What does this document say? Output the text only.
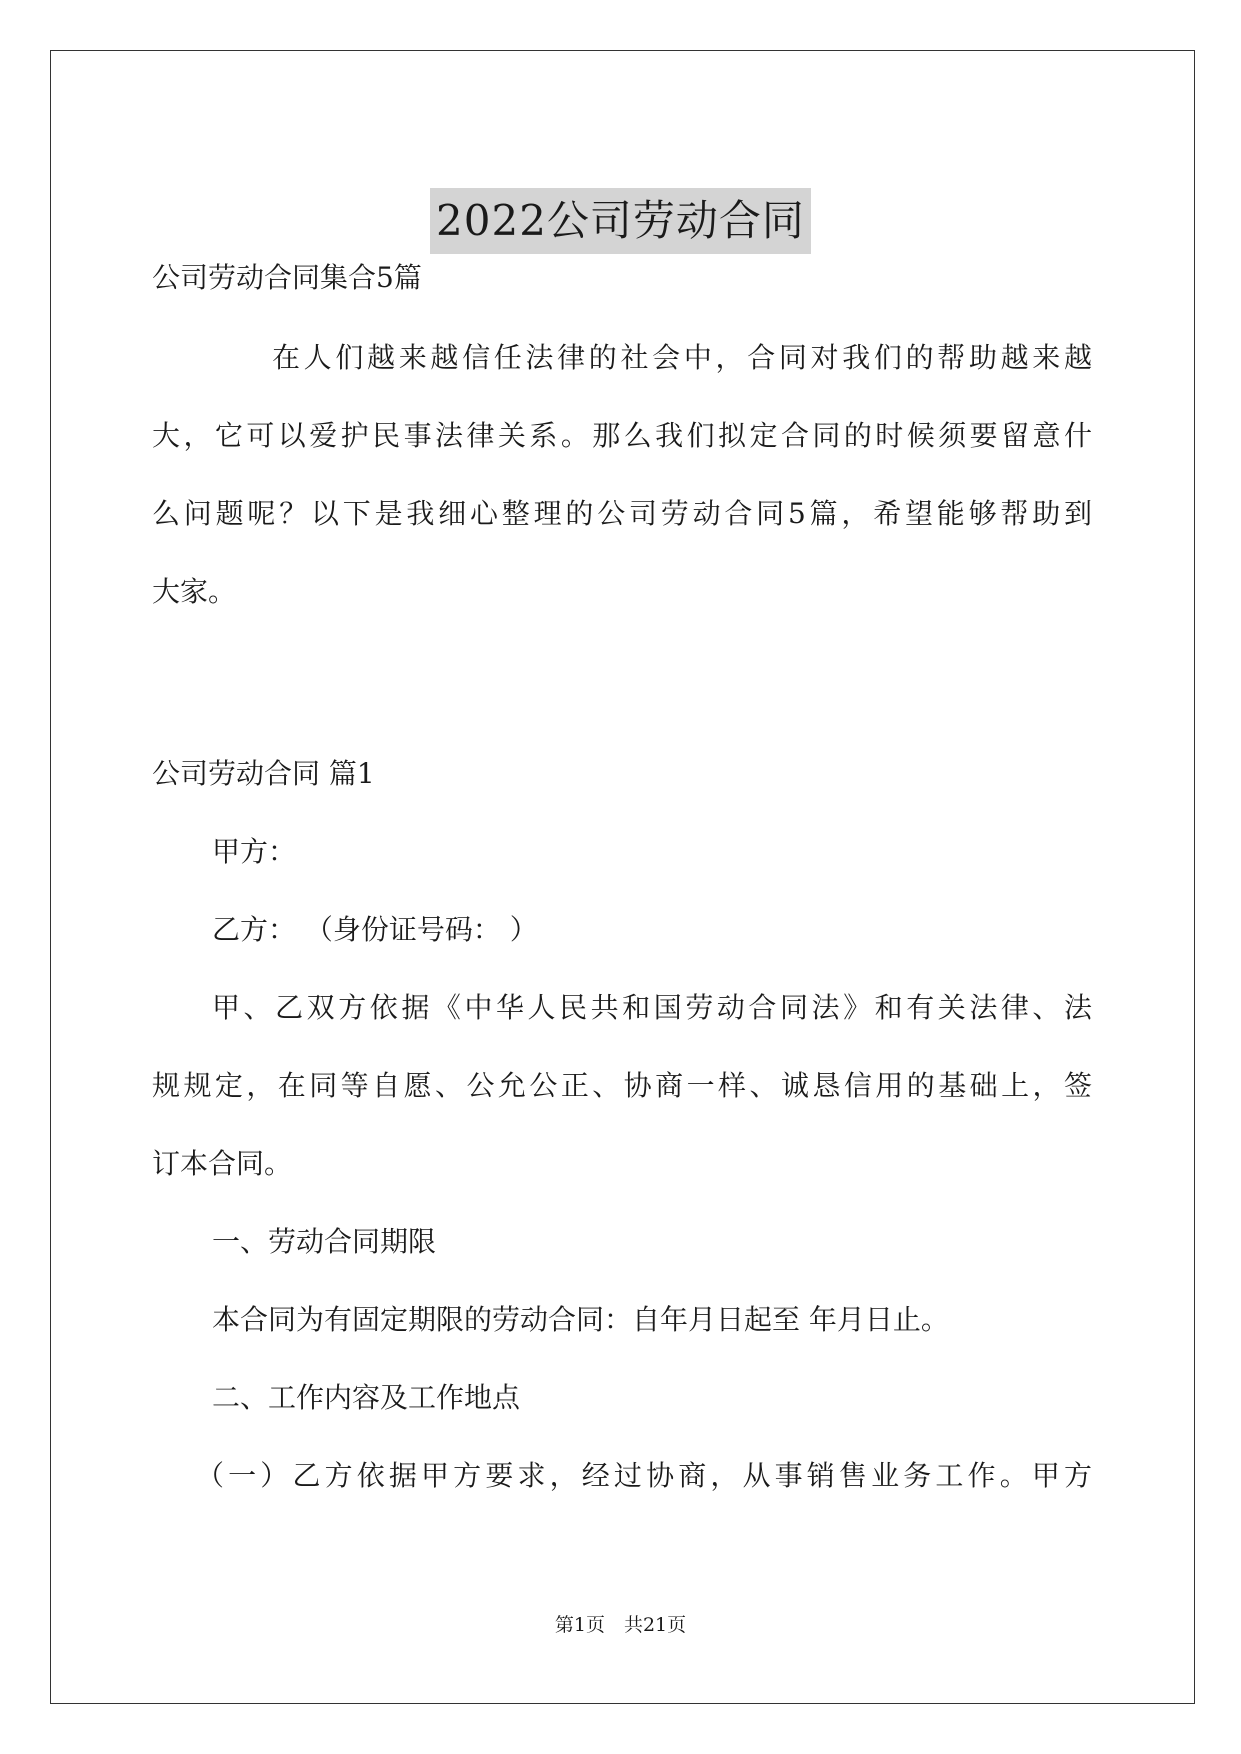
2022公司劳动合同
公司劳动合同集合5篇
在人们越来越信任法律的社会中，合同对我们的帮助越来越
大，它可以爱护民事法律关系。那么我们拟定合同的时候须要留意什
么问题呢？以下是我细心整理的公司劳动合同5篇，希望能够帮助到
大家。
公司劳动合同 篇1
甲方：
乙方： （身份证号码： ）
甲、乙双方依据《中华人民共和国劳动合同法》和有关法律、法
规规定，在同等自愿、公允公正、协商一样、诚恳信用的基础上，签
订本合同。
一、劳动合同期限
本合同为有固定期限的劳动合同：自年月日起至 年月日止。
二、工作内容及工作地点
（一）乙方依据甲方要求，经过协商，从事销售业务工作。甲方
第1页　共21页
